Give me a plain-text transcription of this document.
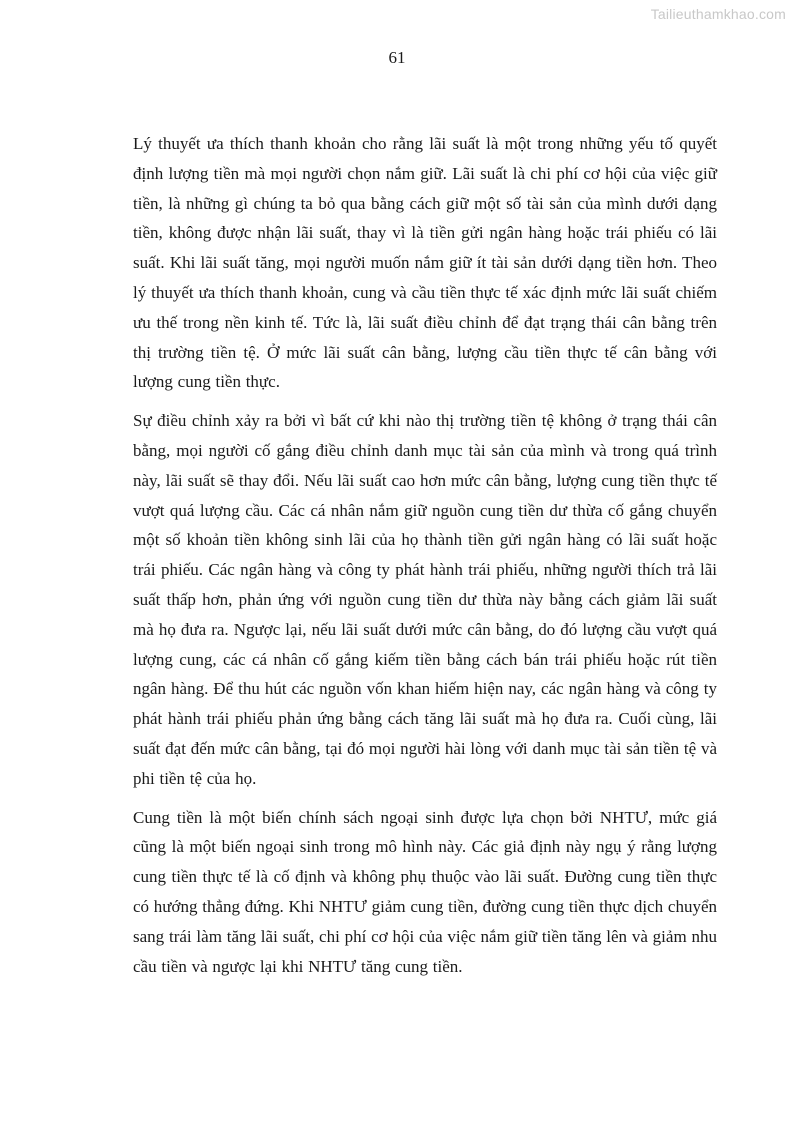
Tailieuthamkhao.com
61

Lý thuyết ưa thích thanh khoản cho rằng lãi suất là một trong những yếu tố quyết định lượng tiền mà mọi người chọn nắm giữ. Lãi suất là chi phí cơ hội của việc giữ tiền, là những gì chúng ta bỏ qua bằng cách giữ một số tài sản của mình dưới dạng tiền, không được nhận lãi suất, thay vì là tiền gửi ngân hàng hoặc trái phiếu có lãi suất. Khi lãi suất tăng, mọi người muốn nắm giữ ít tài sản dưới dạng tiền hơn. Theo lý thuyết ưa thích thanh khoản, cung và cầu tiền thực tế xác định mức lãi suất chiếm ưu thế trong nền kinh tế. Tức là, lãi suất điều chỉnh để đạt trạng thái cân bằng trên thị trường tiền tệ. Ở mức lãi suất cân bằng, lượng cầu tiền thực tế cân bằng với lượng cung tiền thực.

Sự điều chỉnh xảy ra bởi vì bất cứ khi nào thị trường tiền tệ không ở trạng thái cân bằng, mọi người cố gắng điều chỉnh danh mục tài sản của mình và trong quá trình này, lãi suất sẽ thay đổi. Nếu lãi suất cao hơn mức cân bằng, lượng cung tiền thực tế vượt quá lượng cầu. Các cá nhân nắm giữ nguồn cung tiền dư thừa cố gắng chuyển một số khoản tiền không sinh lãi của họ thành tiền gửi ngân hàng có lãi suất hoặc trái phiếu. Các ngân hàng và công ty phát hành trái phiếu, những người thích trả lãi suất thấp hơn, phản ứng với nguồn cung tiền dư thừa này bằng cách giảm lãi suất mà họ đưa ra. Ngược lại, nếu lãi suất dưới mức cân bằng, do đó lượng cầu vượt quá lượng cung, các cá nhân cố gắng kiếm tiền bằng cách bán trái phiếu hoặc rút tiền ngân hàng. Để thu hút các nguồn vốn khan hiếm hiện nay, các ngân hàng và công ty phát hành trái phiếu phản ứng bằng cách tăng lãi suất mà họ đưa ra. Cuối cùng, lãi suất đạt đến mức cân bằng, tại đó mọi người hài lòng với danh mục tài sản tiền tệ và phi tiền tệ của họ.

Cung tiền là một biến chính sách ngoại sinh được lựa chọn bởi NHTƯ, mức giá cũng là một biến ngoại sinh trong mô hình này. Các giả định này ngụ ý rằng lượng cung tiền thực tế là cố định và không phụ thuộc vào lãi suất. Đường cung tiền thực có hướng thẳng đứng. Khi NHTƯ giảm cung tiền, đường cung tiền thực dịch chuyển sang trái làm tăng lãi suất, chi phí cơ hội của việc nắm giữ tiền tăng lên và giảm nhu cầu tiền và ngược lại khi NHTƯ tăng cung tiền.
